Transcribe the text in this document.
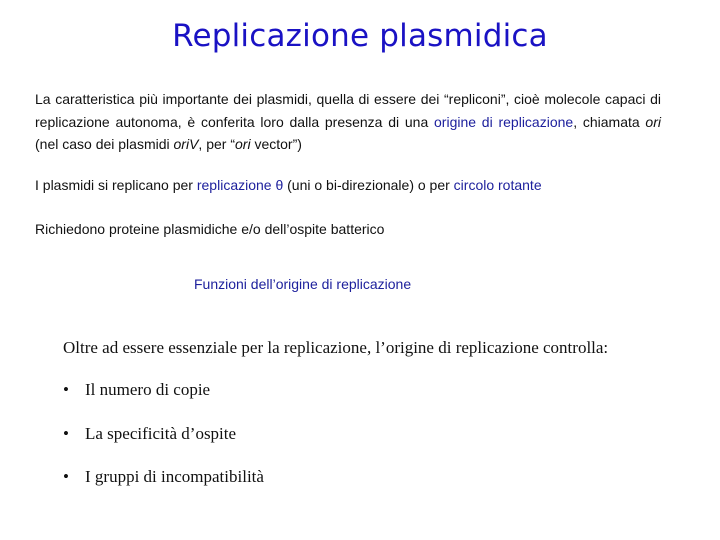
Replicazione plasmidica

La caratteristica più importante dei plasmidi, quella di essere dei “repliconi”, cioè molecole capaci di replicazione autonoma, è conferita loro dalla presenza di una origine di replicazione, chiamata ori (nel caso dei plasmidi oriV, per “ori vector”)

I plasmidi si replicano per replicazione θ (uni o bi-direzionale) o per circolo rotante
Richiedono proteine plasmidiche e/o dell’ospite batterico
Funzioni dell’origine di replicazione
Oltre ad essere essenziale per la replicazione, l’origine di replicazione controlla:
• Il numero di copie
• La specificità d’ospite
• I gruppi di incompatibilità
